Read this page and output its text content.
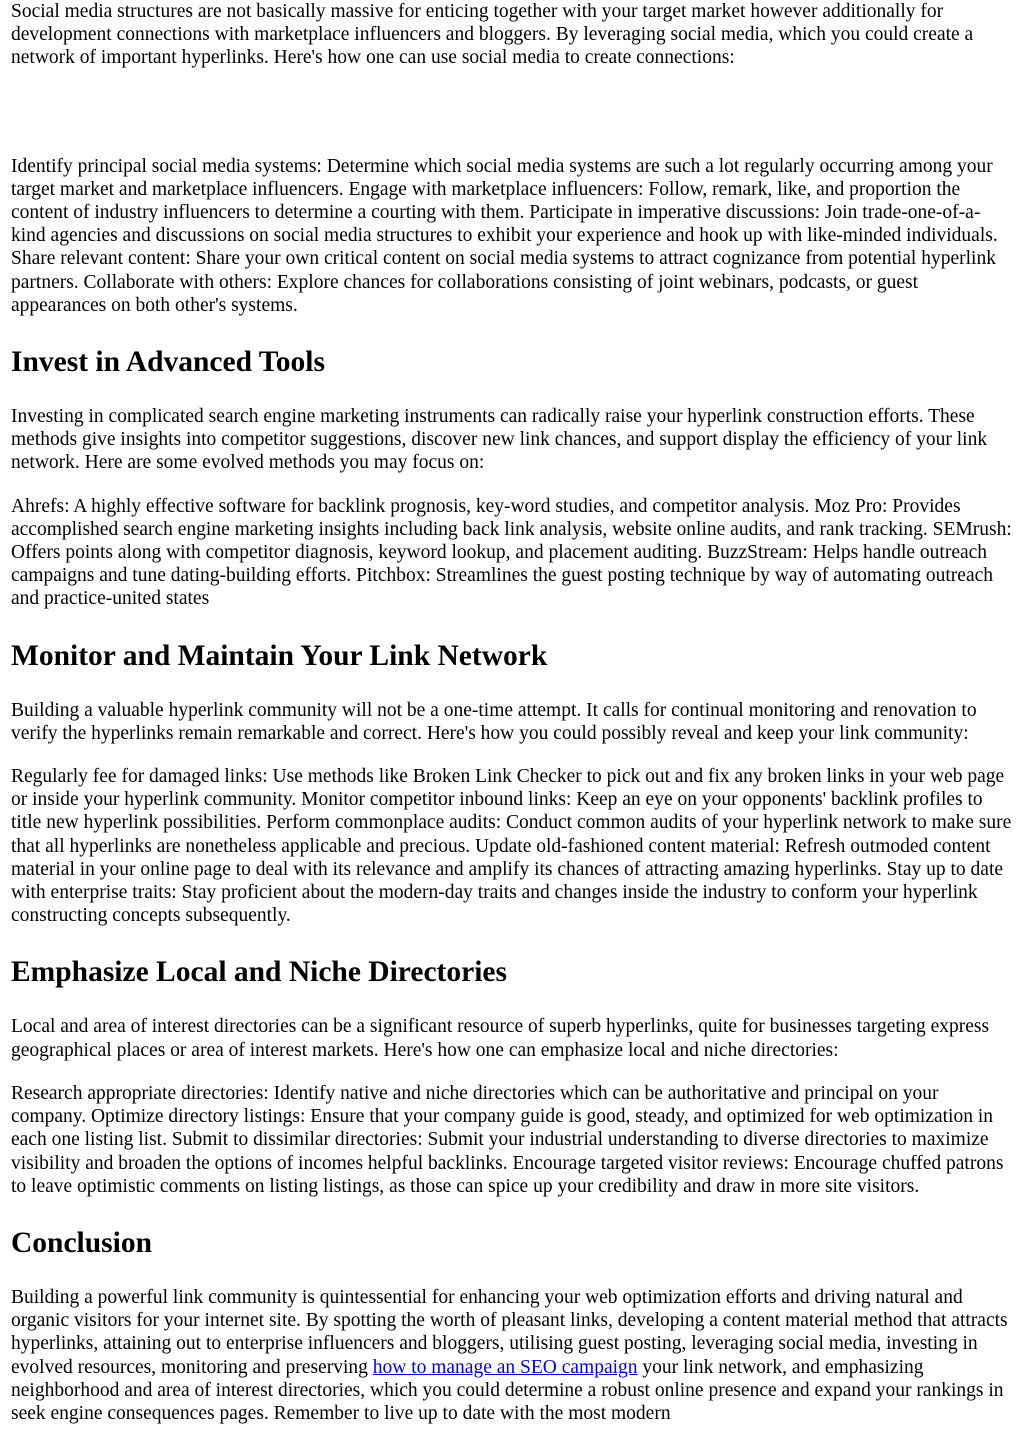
Social media structures are not basically massive for enticing together with your target market however additionally for development connections with marketplace influencers and bloggers. By leveraging social media, which you could create a network of important hyperlinks. Here's how one can use social media to create connections:

Identify principal social media systems: Determine which social media systems are such a lot regularly occurring among your target market and marketplace influencers. Engage with marketplace influencers: Follow, remark, like, and proportion the content of industry influencers to determine a courting with them. Participate in imperative discussions: Join trade-one-of-a-kind agencies and discussions on social media structures to exhibit your experience and hook up with like-minded individuals. Share relevant content: Share your own critical content on social media systems to attract cognizance from potential hyperlink partners. Collaborate with others: Explore chances for collaborations consisting of joint webinars, podcasts, or guest appearances on both other's systems.

Invest in Advanced Tools

Investing in complicated search engine marketing instruments can radically raise your hyperlink construction efforts. These methods give insights into competitor suggestions, discover new link chances, and support display the efficiency of your link network. Here are some evolved methods you may focus on:

Ahrefs: A highly effective software for backlink prognosis, key-word studies, and competitor analysis. Moz Pro: Provides accomplished search engine marketing insights including back link analysis, website online audits, and rank tracking. SEMrush: Offers points along with competitor diagnosis, keyword lookup, and placement auditing. BuzzStream: Helps handle outreach campaigns and tune dating-building efforts. Pitchbox: Streamlines the guest posting technique by way of automating outreach and practice-united states

Monitor and Maintain Your Link Network

Building a valuable hyperlink community will not be a one-time attempt. It calls for continual monitoring and renovation to verify the hyperlinks remain remarkable and correct. Here's how you could possibly reveal and keep your link community:

Regularly fee for damaged links: Use methods like Broken Link Checker to pick out and fix any broken links in your web page or inside your hyperlink community. Monitor competitor inbound links: Keep an eye on your opponents' backlink profiles to title new hyperlink possibilities. Perform commonplace audits: Conduct common audits of your hyperlink network to make sure that all hyperlinks are nonetheless applicable and precious. Update old-fashioned content material: Refresh outmoded content material in your online page to deal with its relevance and amplify its chances of attracting amazing hyperlinks. Stay up to date with enterprise traits: Stay proficient about the modern-day traits and changes inside the industry to conform your hyperlink constructing concepts subsequently.

Emphasize Local and Niche Directories

Local and area of interest directories can be a significant resource of superb hyperlinks, quite for businesses targeting express geographical places or area of interest markets. Here's how one can emphasize local and niche directories:

Research appropriate directories: Identify native and niche directories which can be authoritative and principal on your company. Optimize directory listings: Ensure that your company guide is good, steady, and optimized for web optimization in each one listing list. Submit to dissimilar directories: Submit your industrial understanding to diverse directories to maximize visibility and broaden the options of incomes helpful backlinks. Encourage targeted visitor reviews: Encourage chuffed patrons to leave optimistic comments on listing listings, as those can spice up your credibility and draw in more site visitors.

Conclusion

Building a powerful link community is quintessential for enhancing your web optimization efforts and driving natural and organic visitors for your internet site. By spotting the worth of pleasant links, developing a content material method that attracts hyperlinks, attaining out to enterprise influencers and bloggers, utilising guest posting, leveraging social media, investing in evolved resources, monitoring and preserving how to manage an SEO campaign your link network, and emphasizing neighborhood and area of interest directories, which you could determine a robust online presence and expand your rankings in seek engine consequences pages. Remember to live up to date with the most modern
